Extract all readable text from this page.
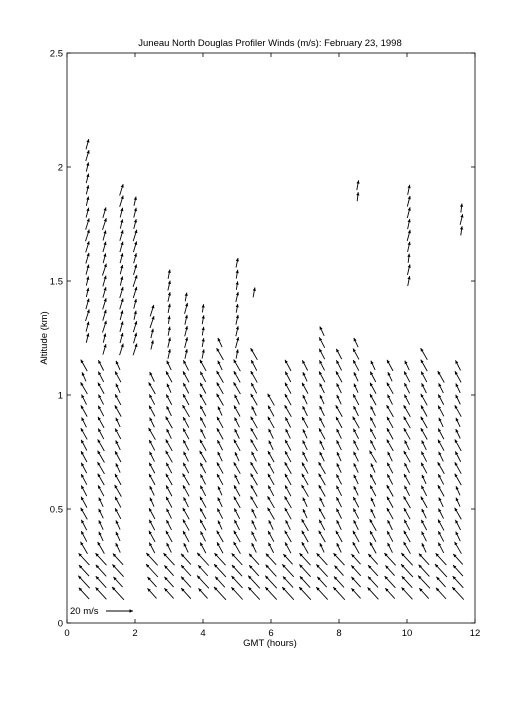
Juneau North Douglas Profiler Winds (m/s): February 23, 1998
0	2	4	6	8	10	12
0
0.5
1
1.5
2
2.5
GMT (hours)
Altitude (km)
20 m/s
